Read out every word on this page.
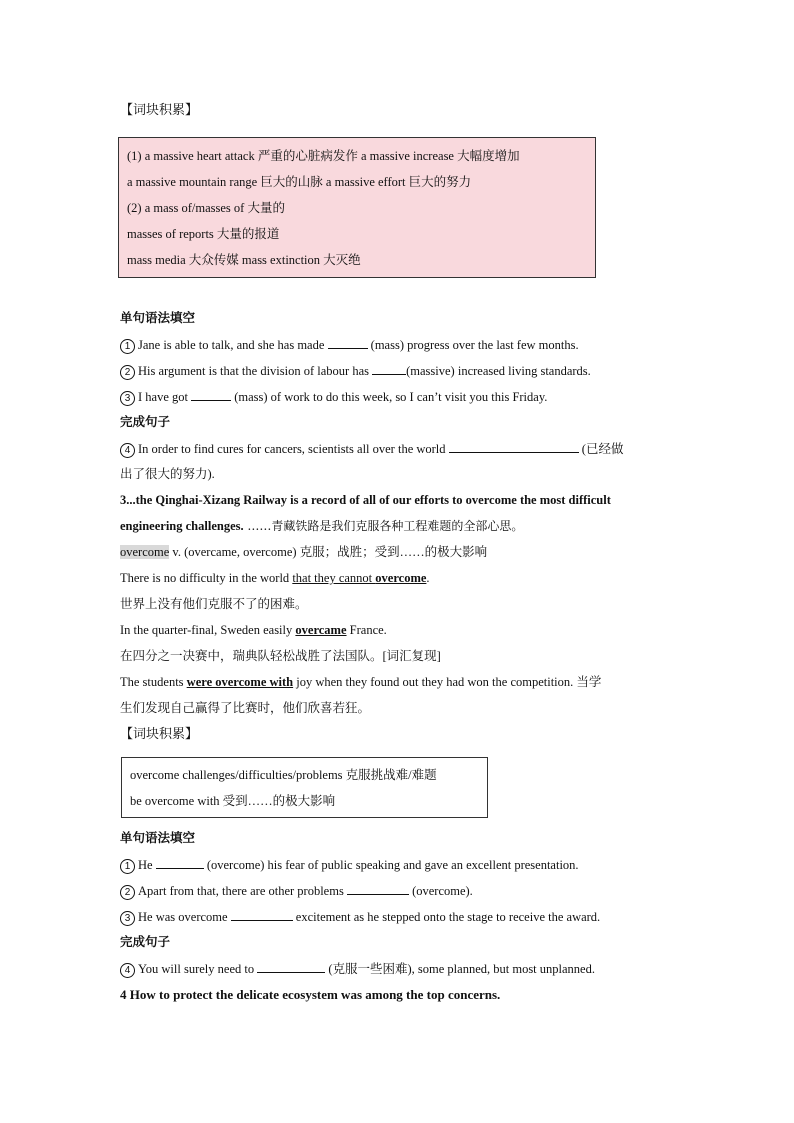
【词块积累】
(1) a massive heart attack 严重的心脏病发作 a massive increase 大幅度增加
a massive mountain range 巨大的山脉 a massive effort 巨大的努力
(2) a mass of/masses of 大量的
masses of reports 大量的报道
mass media 大众传媒 mass extinction 大灭绝
单句语法填空
1 Jane is able to talk, and she has made	(mass) progress over the last few months.
2 His argument is that the division of labour has	(massive) increased living standards.
3 I have got	(mass) of work to do this week, so I can’t visit you this Friday.
完成句子
4 In order to find cures for cancers, scientists all over the world	(已经做
出了很大的努力).
3...the Qinghai-Xizang Railway is a record of all of our efforts to overcome the most difficult
engineering challenges. ……青藏铁路是我们克服各种工程难题的全部心思。
overcome v. (overcame, overcome) 克服；战胜；受到……的极大影响
There is no difficulty in the world that they cannot overcome.
世界上没有他们克服不了的困难。
In the quarter-final, Sweden easily overcame France.
在四分之一决赛中，瑞典队轻松战胜了法国队。[词汇复现]
The students were overcome with joy when they found out they had won the competition. 当学
生们发现自己赢得了比赛时，他们欣喜若狂。
【词块积累】
overcome challenges/difficulties/problems 克服挑战难/难题
be overcome with 受到……的极大影响
单句语法填空
1 He	(overcome) his fear of public speaking and gave an excellent presentation.
2 Apart from that, there are other problems	(overcome).
3 He was overcome	excitement as he stepped onto the stage to receive the award.
完成句子
4 You will surely need to	(克服一些困难), some planned, but most unplanned.
4 How to protect the delicate ecosystem was among the top concerns.
